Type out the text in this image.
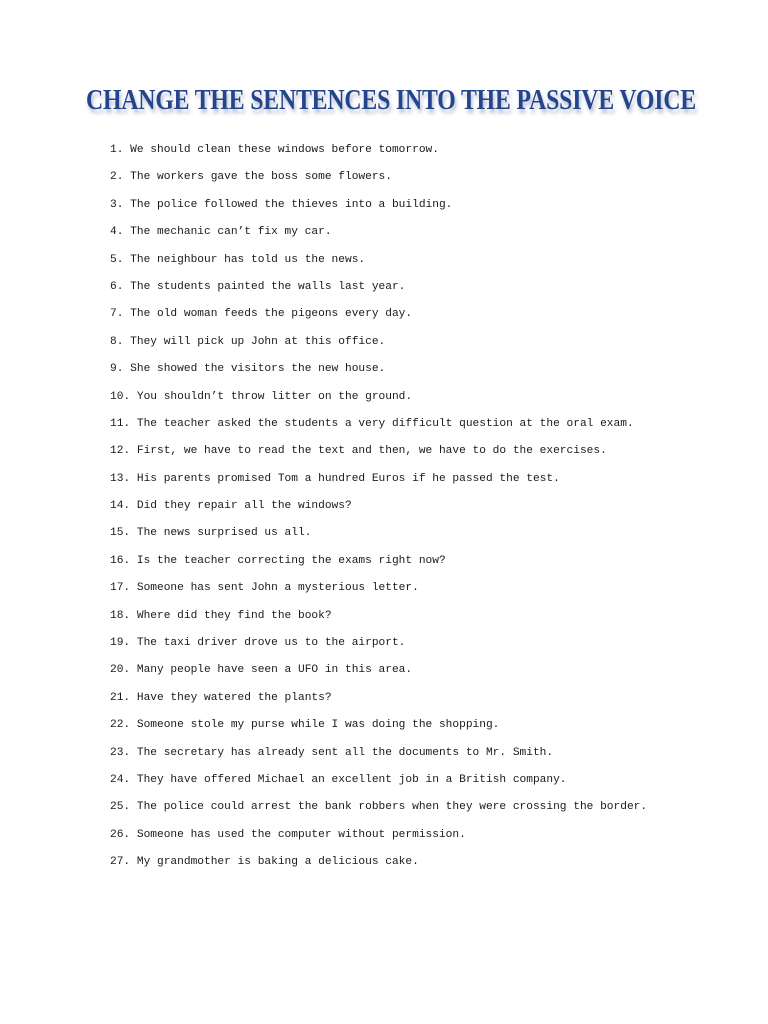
CHANGE THE SENTENCES INTO THE PASSIVE VOICE
1. We should clean these windows before tomorrow.
2. The workers gave the boss some flowers.
3. The police followed the thieves into a building.
4. The mechanic can’t fix my car.
5. The neighbour has told us the news.
6. The students painted the walls last year.
7. The old woman feeds the pigeons every day.
8. They will pick up John at this office.
9. She showed the visitors the new house.
10. You shouldn’t throw litter on the ground.
11. The teacher asked the students a very difficult question at the oral exam.
12. First, we have to read the text and then, we have to do the exercises.
13. His parents promised Tom a hundred Euros if he passed the test.
14. Did they repair all the windows?
15. The news surprised us all.
16. Is the teacher correcting the exams right now?
17. Someone has sent John a mysterious letter.
18. Where did they find the book?
19. The taxi driver drove us to the airport.
20. Many people have seen a UFO in this area.
21. Have they watered the plants?
22. Someone stole my purse while I was doing the shopping.
23. The secretary has already sent all the documents to Mr. Smith.
24. They have offered Michael an excellent job in a British company.
25. The police could arrest the bank robbers when they were crossing the border.
26. Someone has used the computer without permission.
27. My grandmother is baking a delicious cake.
